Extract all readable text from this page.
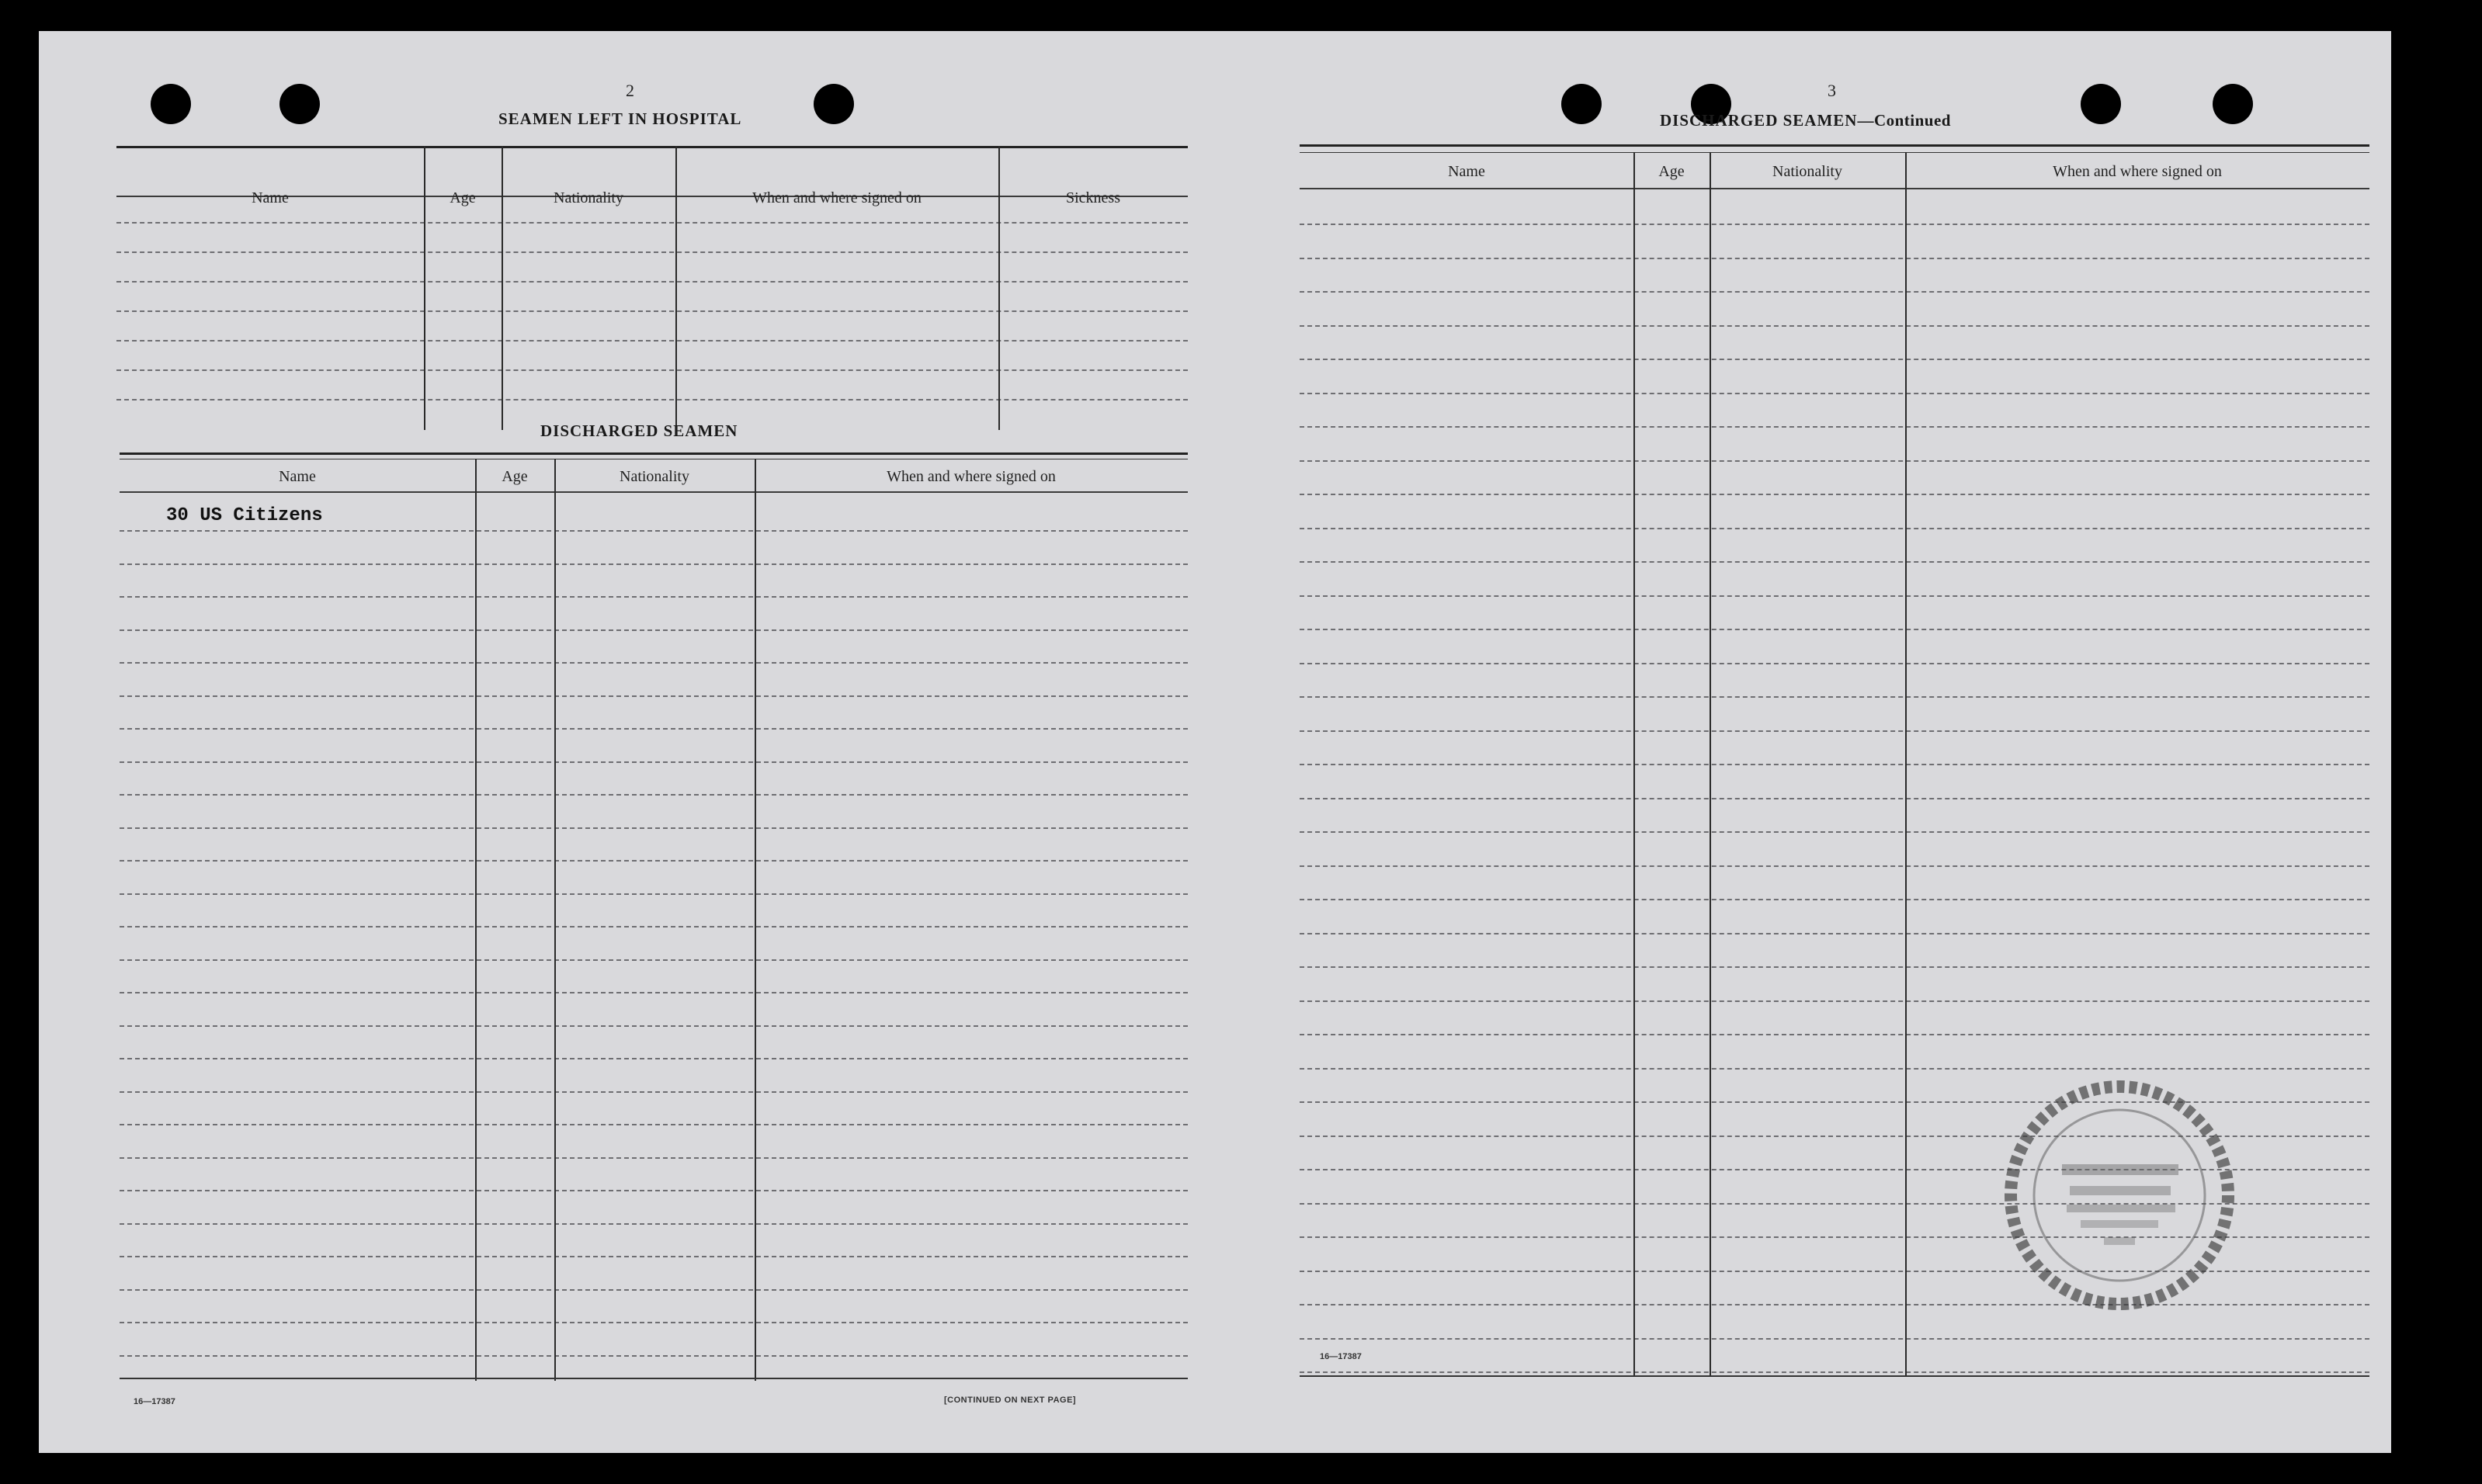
2
SEAMEN LEFT IN HOSPITAL
Name	Age	Nationality	When and where signed on	Sickness
DISCHARGED SEAMEN
Name	Age	Nationality	When and where signed on
30 US Citizens
16—17387	[CONTINUED ON NEXT PAGE]
3
DISCHARGED SEAMEN—Continued
Name	Age	Nationality	When and where signed on
16—17387
